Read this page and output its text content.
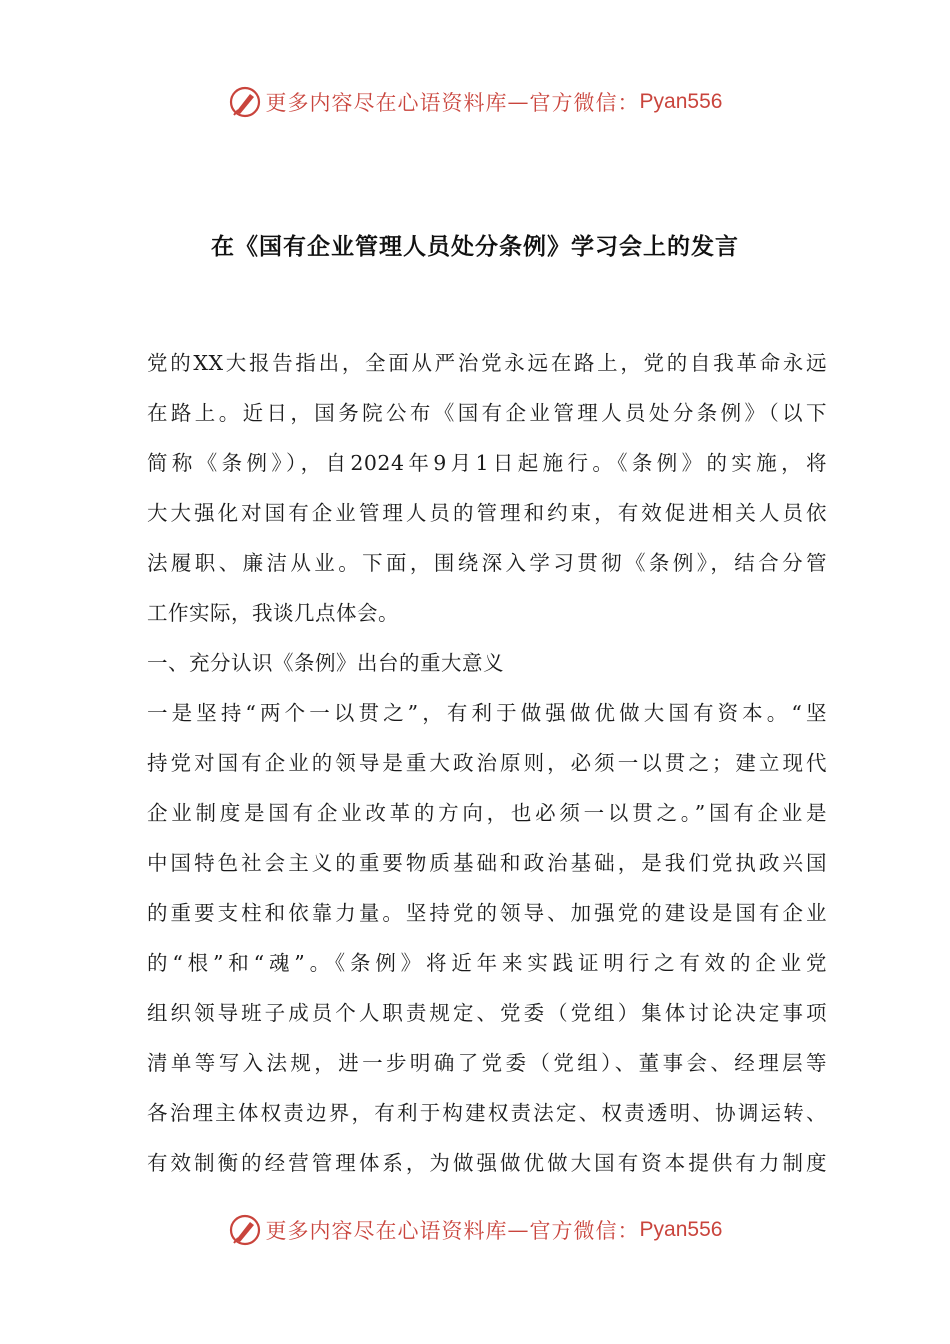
更多内容尽在心语资料库 — 官方微信： Pyan556
在《国有企业管理人员处分条例》学习会上的发言
党的XX大报告指出，全面从严治党永远在路上，党的自我革命永远
在路上。近日，国务院公布《国有企业管理人员处分条例》（以下
简称《条例》），自2024年9月1日起施行。《条例》的实施，将
大大强化对国有企业管理人员的管理和约束，有效促进相关人员依
法履职、廉洁从业。下面，围绕深入学习贯彻《条例》，结合分管
工作实际，我谈几点体会。
一、充分认识《条例》出台的重大意义
一是坚持“两个一以贯之”，有利于做强做优做大国有资本。“坚
持党对国有企业的领导是重大政治原则，必须一以贯之；建立现代
企业制度是国有企业改革的方向，也必须一以贯之。”国有企业是
中国特色社会主义的重要物质基础和政治基础，是我们党执政兴国
的重要支柱和依靠力量。坚持党的领导、加强党的建设是国有企业
的“根”和“魂”。《条例》将近年来实践证明行之有效的企业党
组织领导班子成员个人职责规定、党委（党组）集体讨论决定事项
清单等写入法规，进一步明确了党委（党组）、董事会、经理层等
各治理主体权责边界，有利于构建权责法定、权责透明、协调运转、
有效制衡的经营管理体系，为做强做优做大国有资本提供有力制度
更多内容尽在心语资料库 — 官方微信： Pyan556
